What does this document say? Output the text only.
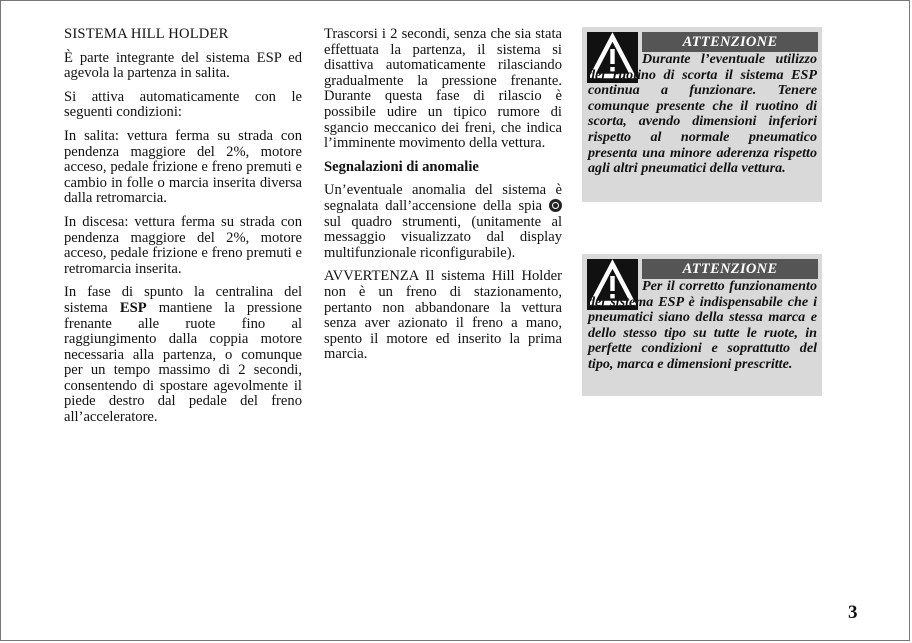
SISTEMA HILL HOLDER

È parte integrante del sistema ESP ed agevola la partenza in salita.

Si attiva automaticamente con le seguenti condizioni:

In salita: vettura ferma su strada con pendenza maggiore del 2%, motore acceso, pedale frizione e freno premuti e cambio in folle o marcia inserita diversa dalla retromarcia.

In discesa: vettura ferma su strada con pendenza maggiore del 2%, motore acceso, pedale frizione e freno premuti e retromarcia inserita.

In fase di spunto la centralina del sistema ESP mantiene la pressione frenante alle ruote fino al raggiungimento dalla coppia motore necessaria alla partenza, o comunque per un tempo massimo di 2 secondi, consentendo di spostare agevolmente il piede destro dal pedale del freno all’acceleratore.

Trascorsi i 2 secondi, senza che sia stata effettuata la partenza, il sistema si disattiva automaticamente rilasciando gradualmente la pressione frenante. Durante questa fase di rilascio è possibile udire un tipico rumore di sgancio meccanico dei freni, che indica l’imminente movimento della vettura.

Segnalazioni di anomalie

Un’eventuale anomalia del sistema è segnalata dall’accensione della spia  sul quadro strumenti, (unitamente al messaggio visualizzato dal display multifunzionale riconfigurabile).

AVVERTENZA Il sistema Hill Holder non è un freno di stazionamento, pertanto non abbandonare la vettura senza aver azionato il freno a mano, spento il motore ed inserito la prima marcia.

ATTENZIONE

Durante l’eventuale utilizzo del ruotino di scorta il sistema ESP continua a funzionare. Tenere comunque presente che il ruotino di scorta, avendo dimensioni inferiori rispetto al normale pneumatico presenta una minore aderenza rispetto agli altri pneumatici della vettura.

ATTENZIONE

Per il corretto funzionamento del sistema ESP è indispensabile che i pneumatici siano della stessa marca e dello stesso tipo su tutte le ruote, in perfette condizioni e soprattutto del tipo, marca e dimensioni prescritte.

3
